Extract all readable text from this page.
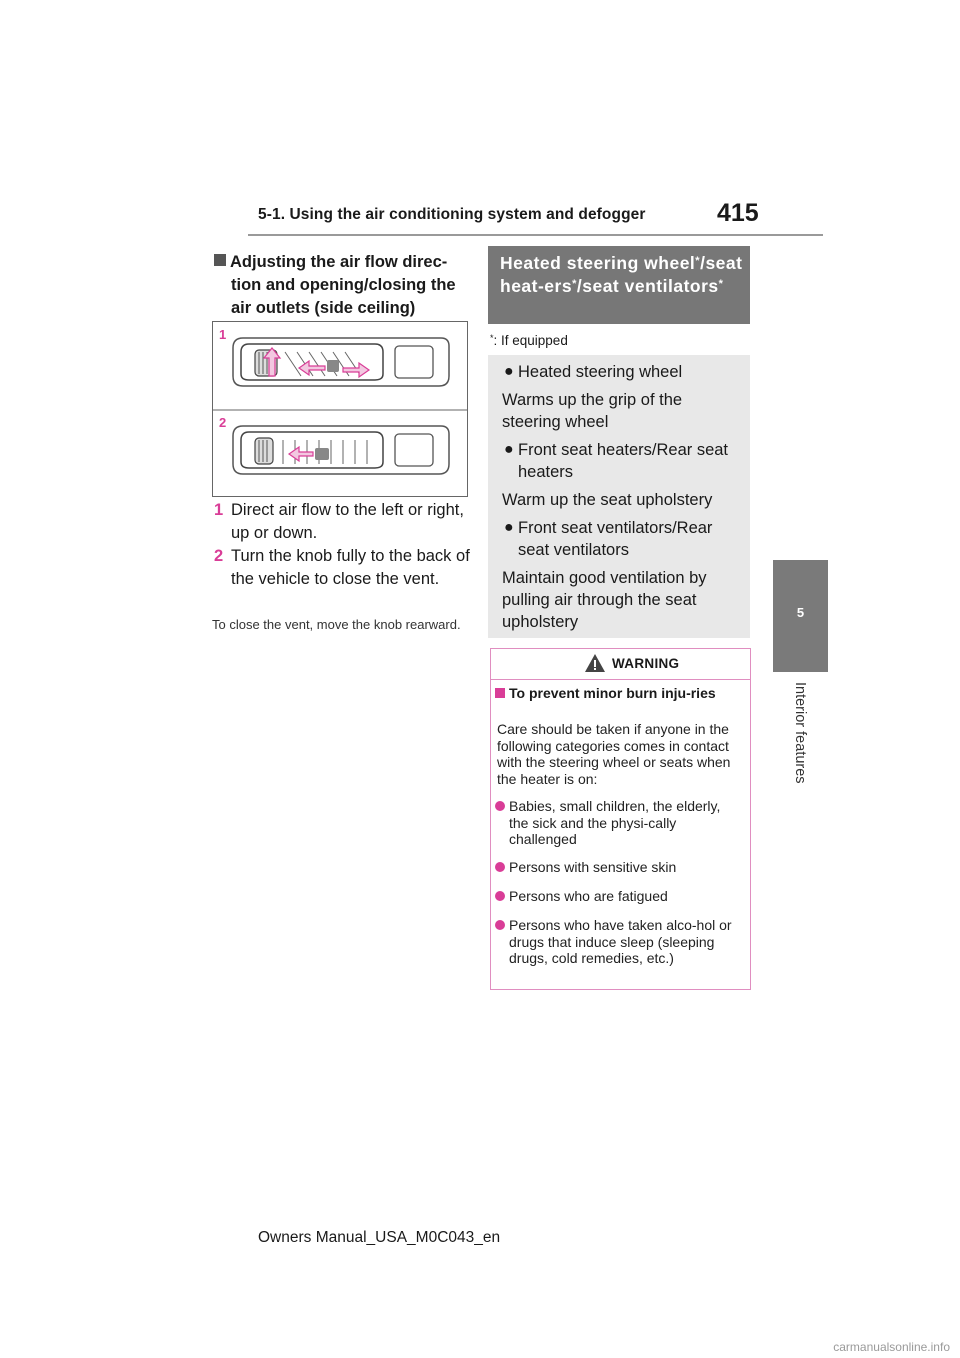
5-1. Using the air conditioning system and defogger	415
5
Interior features
Adjusting the air flow direc-
tion and opening/closing the air outlets (side ceiling)
1
2
1 Direct air flow to the left or right, up or down.
2 Turn the knob fully to the back of the vehicle to close the vent.
To close the vent, move the knob rearward.
Heated steering wheel*/seat heat-ers*/seat ventilators*
*: If equipped
● Heated steering wheel
Warms up the grip of the steering wheel
● Front seat heaters/Rear seat heaters
Warm up the seat upholstery
● Front seat ventilators/Rear seat ventilators
Maintain good ventilation by pulling air through the seat upholstery
WARNING
To prevent minor burn inju-ries
Care should be taken if anyone in the following categories comes in contact with the steering wheel or seats when the heater is on:
Babies, small children, the elderly, the sick and the physi-cally challenged
Persons with sensitive skin
Persons who are fatigued
Persons who have taken alco-hol or drugs that induce sleep (sleeping drugs, cold remedies, etc.)
Owners Manual_USA_M0C043_en
carmanualsonline.info
